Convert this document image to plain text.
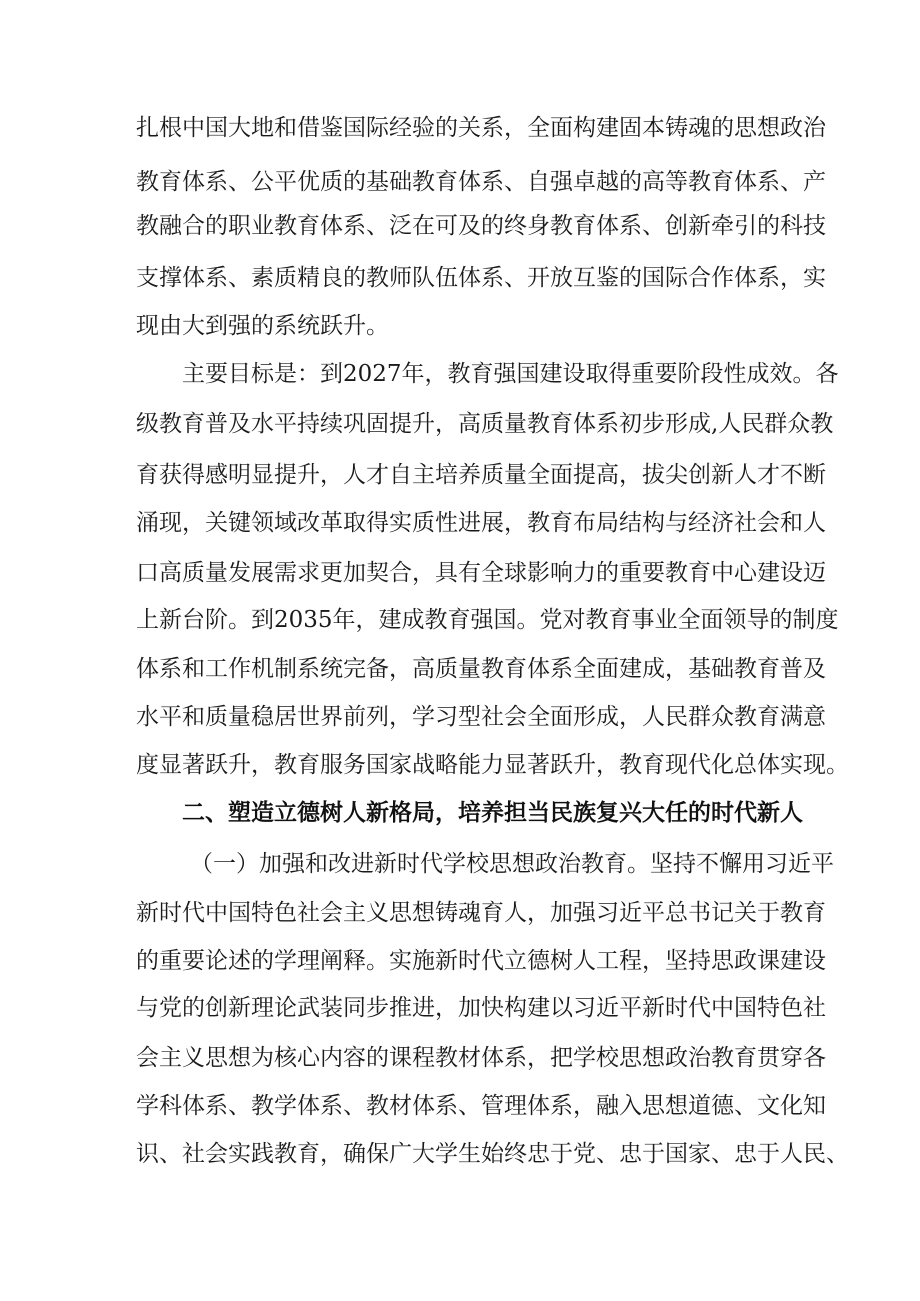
扎根中国大地和借鉴国际经验的关系，全面构建固本铸魂的思想政治
教育体系、公平优质的基础教育体系、自强卓越的高等教育体系、产
教融合的职业教育体系、泛在可及的终身教育体系、创新牵引的科技
支撑体系、素质精良的教师队伍体系、开放互鉴的国际合作体系，实
现由大到强的系统跃升。
主要目标是：到2027年，教育强国建设取得重要阶段性成效。各
级教育普及水平持续巩固提升，高质量教育体系初步形成,人民群众教
育获得感明显提升，人才自主培养质量全面提高，拔尖创新人才不断
涌现，关键领域改革取得实质性进展，教育布局结构与经济社会和人
口高质量发展需求更加契合，具有全球影响力的重要教育中心建设迈
上新台阶。到2035年，建成教育强国。党对教育事业全面领导的制度
体系和工作机制系统完备，高质量教育体系全面建成，基础教育普及
水平和质量稳居世界前列，学习型社会全面形成，人民群众教育满意
度显著跃升，教育服务国家战略能力显著跃升，教育现代化总体实现。
二、塑造立德树人新格局，培养担当民族复兴大任的时代新人
（一）加强和改进新时代学校思想政治教育。坚持不懈用习近平
新时代中国特色社会主义思想铸魂育人，加强习近平总书记关于教育
的重要论述的学理阐释。实施新时代立德树人工程，坚持思政课建设
与党的创新理论武装同步推进，加快构建以习近平新时代中国特色社
会主义思想为核心内容的课程教材体系，把学校思想政治教育贯穿各
学科体系、教学体系、教材体系、管理体系，融入思想道德、文化知
识、社会实践教育，确保广大学生始终忠于党、忠于国家、忠于人民、
